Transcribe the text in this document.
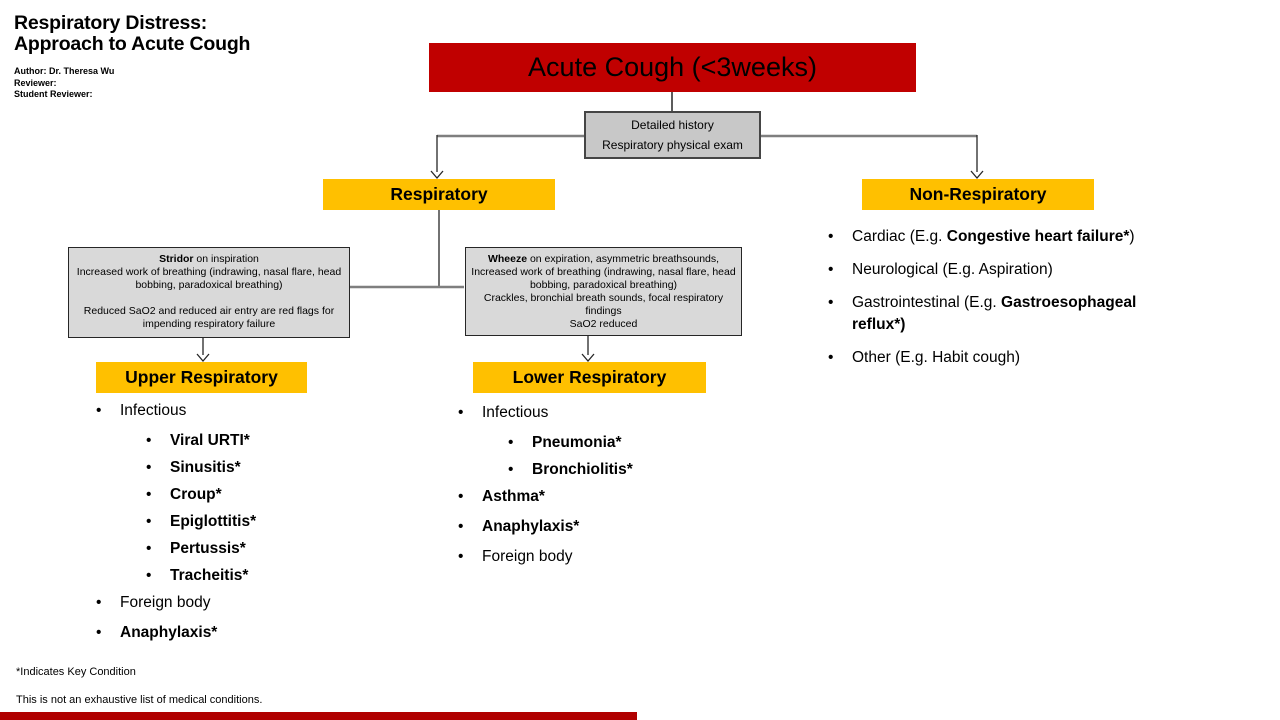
Respiratory Distress:
Approach to Acute Cough
Author: Dr. Theresa Wu
Reviewer:
Student Reviewer:
Acute Cough (<3weeks)
Detailed history
Respiratory physical exam
Respiratory	Non-Respiratory
Stridor on inspiration
Increased work of breathing (indrawing, nasal flare, head bobbing, paradoxical breathing)
Reduced SaO2 and reduced air entry are red flags for impending respiratory failure
Wheeze on expiration, asymmetric breathsounds,
Increased work of breathing (indrawing, nasal flare, head bobbing, paradoxical breathing)
Crackles, bronchial breath sounds, focal respiratory findings
SaO2 reduced
Upper Respiratory	Lower Respiratory
•	Infectious
•	Viral URTI*
•	Sinusitis*
•	Croup*
•	Epiglottitis*
•	Pertussis*
•	Tracheitis*
•	Foreign body
•	Anaphylaxis*
•	Infectious
•	Pneumonia*
•	Bronchiolitis*
•	Asthma*
•	Anaphylaxis*
•	Foreign body
•	Cardiac (E.g. Congestive heart failure*)
•	Neurological (E.g. Aspiration)
•	Gastrointestinal (E.g. Gastroesophageal reflux*)
•	Other (E.g. Habit cough)
*Indicates Key Condition
This is not an exhaustive list of medical conditions.
